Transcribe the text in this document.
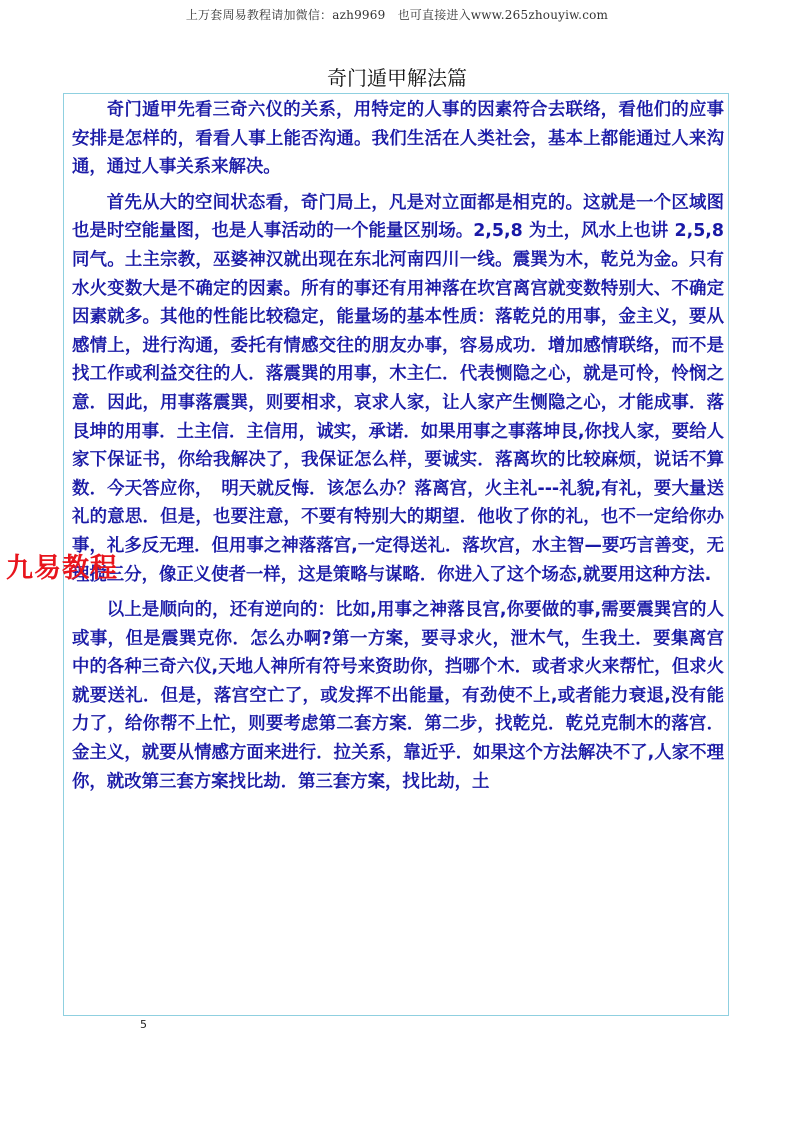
上万套周易教程请加微信：azh9969　也可直接进入www.265zhouyiw.com
奇门遁甲解法篇

奇门遁甲先看三奇六仪的关系，用特定的人事的因素符合去联络，看他们的应事安排是怎样的，看看人事上能否沟通。我们生活在人类社会，基本上都能通过人来沟通，通过人事关系来解决。

首先从大的空间状态看，奇门局上，凡是对立面都是相克的。这就是一个区域图也是时空能量图，也是人事活动的一个能量区别场。2,5,8 为土，风水上也讲 2,5,8 同气。土主宗教，巫婆神汉就出现在东北河南四川一线。震巽为木，乾兑为金。只有水火变数大是不确定的因素。所有的事还有用神落在坎宫离宫就变数特别大、不确定因素就多。其他的性能比较稳定，能量场的基本性质：落乾兑的用事，金主义，要从感情上，进行沟通，委托有情感交往的朋友办事，容易成功．增加感情联络，而不是找工作或利益交往的人．落震巽的用事，木主仁．代表恻隐之心，就是可怜，怜悯之意．因此，用事落震巽，则要相求，哀求人家，让人家产生恻隐之心，才能成事．落艮坤的用事．土主信．主信用，诚实，承诺．如果用事之事落坤艮,你找人家，要给人家下保证书，你给我解决了，我保证怎么样，要诚实．落离坎的比较麻烦，说话不算数．今天答应你，　明天就反悔．该怎么办？落离宫，火主礼---礼貌,有礼，要大量送礼的意思．但是，也要注意，不要有特别大的期望．他收了你的礼，也不一定给你办事，礼多反无理．但用事之神落落宫,一定得送礼．落坎宫，水主智—要巧言善变，无理搅三分，像正义使者一样，这是策略与谋略．你进入了这个场态,就要用这种方法.

以上是顺向的，还有逆向的：比如,用事之神落艮宫,你要做的事,需要震巽宫的人或事，但是震巽克你．怎么办啊?第一方案，要寻求火，泄木气，生我土．要集离宫中的各种三奇六仪,天地人神所有符号来资助你，挡哪个木．或者求火来帮忙，但求火就要送礼．但是，落宫空亡了，或发挥不出能量，有劲使不上,或者能力衰退,没有能力了，给你帮不上忙，则要考虑第二套方案．第二步，找乾兑．乾兑克制木的落宫．金主义，就要从情感方面来进行．拉关系，靠近乎．如果这个方法解决不了,人家不理你，就改第三套方案找比劫．第三套方案，找比劫，土

九易教程
5
